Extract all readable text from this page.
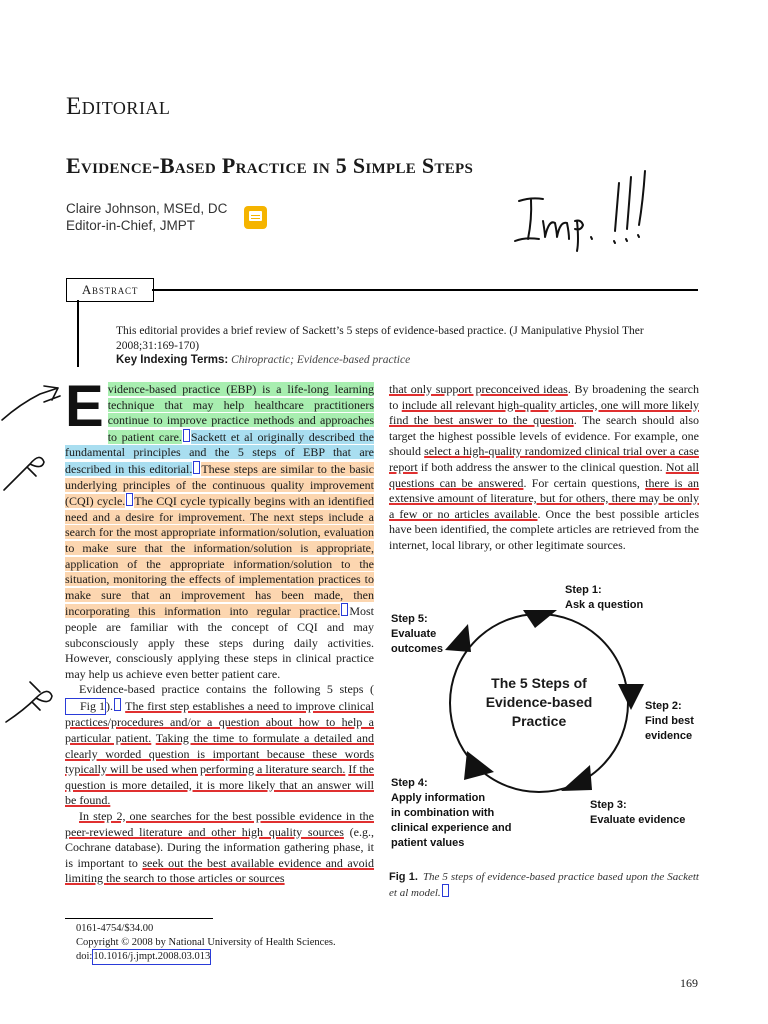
Editorial
Evidence-Based Practice in 5 Simple Steps
Claire Johnson, MSEd, DC
Editor-in-Chief, JMPT
Abstract
This editorial provides a brief review of Sackett’s 5 steps of evidence-based practice. (J Manipulative Physiol Ther 2008;31:169-170)
Key Indexing Terms: Chiropractic; Evidence-based practice

Evidence-based practice (EBP) is a life-long learning technique that may help healthcare practitioners continue to improve practice methods and approaches to patient care. Sackett et al originally described the fundamental principles and the 5 steps of EBP that are described in this editorial. These steps are similar to the basic underlying principles of the continuous quality improvement (CQI) cycle. The CQI cycle typically begins with an identified need and a desire for improvement. The next steps include a search for the most appropriate information/solution, evaluation to make sure that the information/solution is appropriate, application of the appropriate information/solution to the situation, monitoring the effects of implementation practices to make sure that an improvement has been made, then incorporating this information into regular practice. Most people are familiar with the concept of CQI and may subconsciously apply these steps during daily activities. However, consciously applying these steps in clinical practice may help us achieve even better patient care.

Evidence-based practice contains the following 5 steps (Fig 1). The first step establishes a need to improve clinical practices/procedures and/or a question about how to help a particular patient. Taking the time to formulate a detailed and clearly worded question is important because these words typically will be used when performing a literature search. If the question is more detailed, it is more likely that an answer will be found.

In step 2, one searches for the best possible evidence in the peer-reviewed literature and other high quality sources (e.g., Cochrane database). During the information gathering phase, it is important to seek out the best available evidence and avoid limiting the search to those articles or sources

that only support preconceived ideas. By broadening the search to include all relevant high-quality articles, one will more likely find the best answer to the question. The search should also target the highest possible levels of evidence. For example, one should select a high-quality randomized clinical trial over a case report if both address the answer to the clinical question. Not all questions can be answered. For certain questions, there is an extensive amount of literature, but for others, there may be only a few or no articles available. Once the best possible articles have been identified, the complete articles are retrieved from the internet, local library, or other legitimate sources.

The 5 Steps of Evidence-based Practice
Step 1:
Ask a question
Step 2:
Find best
evidence
Step 3:
Evaluate evidence
Step 4:
Apply information
in combination with
clinical experience and
patient values
Step 5:
Evaluate
outcomes
Fig 1. The 5 steps of evidence-based practice based upon the Sackett et al model.
0161-4754/$34.00
Copyright © 2008 by National University of Health Sciences.
doi:10.1016/j.jmpt.2008.03.013
169
